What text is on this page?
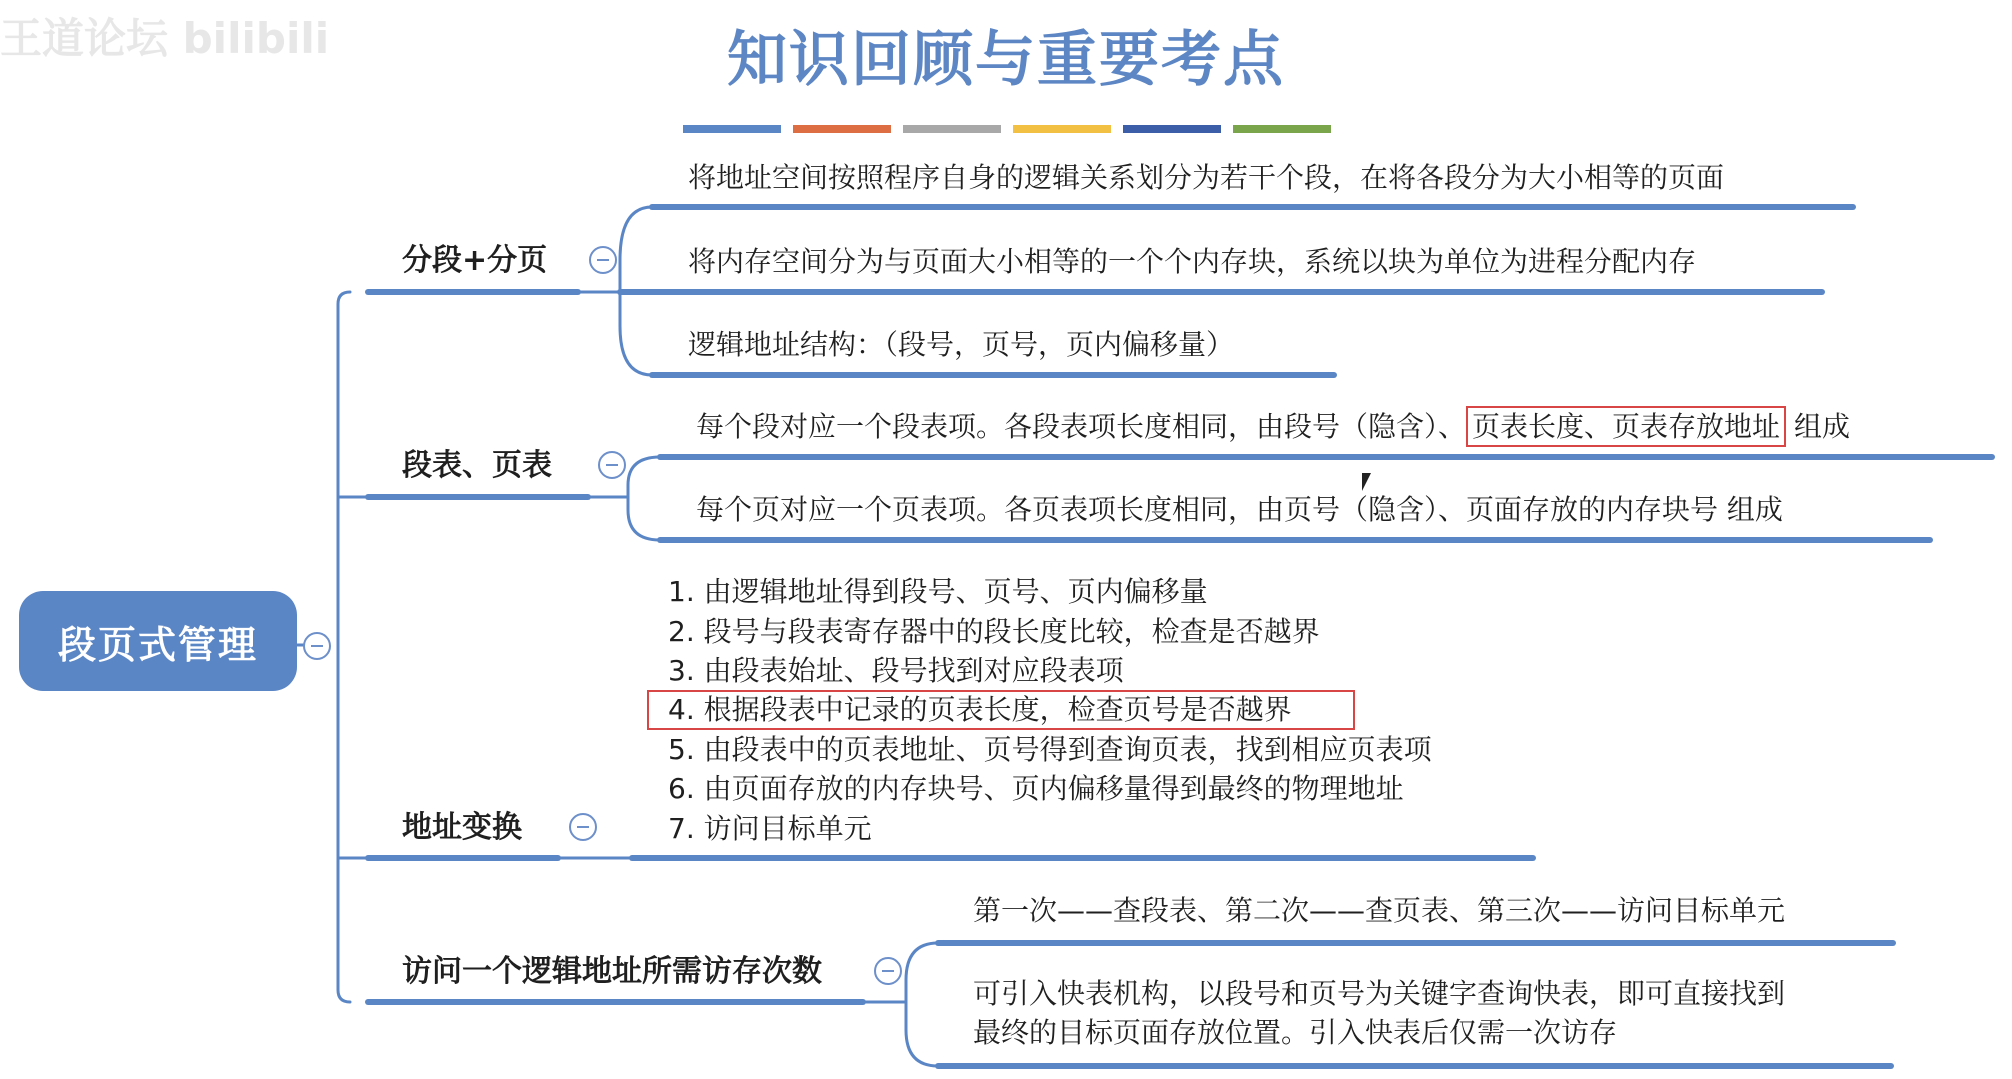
王道论坛 bilibili	知识回顾与重要考点
段页式管理
分段+分页
将地址空间按照程序自身的逻辑关系划分为若干个段，在将各段分为大小相等的页面
将内存空间分为与页面大小相等的一个个内存块，系统以块为单位为进程分配内存
逻辑地址结构：（段号，页号，页内偏移量）
段表、页表
每个段对应一个段表项。各段表项长度相同，由段号（隐含）、 页表长度、页表存放地址 组成
每个页对应一个页表项。各页表项长度相同，由页号（隐含）、页面存放的内存块号 组成
地址变换
1. 由逻辑地址得到段号、页号、页内偏移量
2. 段号与段表寄存器中的段长度比较，检查是否越界
3. 由段表始址、段号找到对应段表项
4. 根据段表中记录的页表长度，检查页号是否越界
5. 由段表中的页表地址、页号得到查询页表，找到相应页表项
6. 由页面存放的内存块号、页内偏移量得到最终的物理地址
7. 访问目标单元
访问一个逻辑地址所需访存次数
第一次——查段表、第二次——查页表、第三次——访问目标单元
可引入快表机构，以段号和页号为关键字查询快表，即可直接找到
最终的目标页面存放位置。引入快表后仅需一次访存
